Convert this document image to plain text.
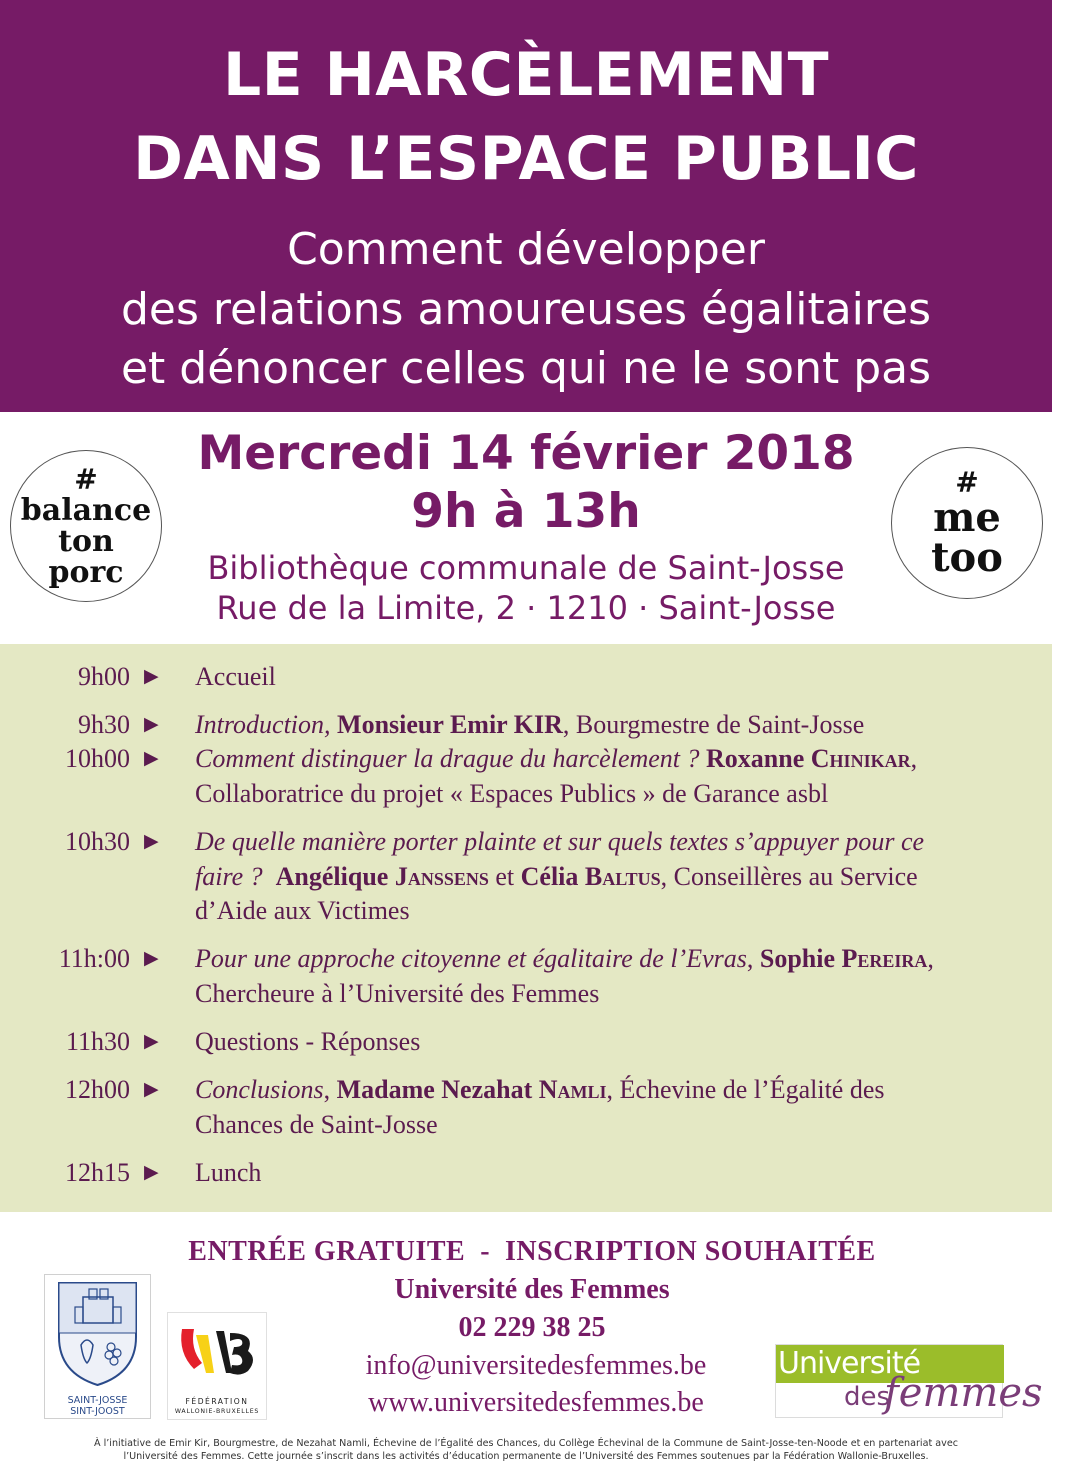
LE HARCÈLEMENT
DANS L’ESPACE PUBLIC
Comment développer
des relations amoureuses égalitaires
et dénoncer celles qui ne le sont pas
Mercredi 14 février 2018
9h à 13h
Bibliothèque communale de Saint-Josse
Rue de la Limite, 2 · 1210 · Saint-Josse
#
balance
ton
porc
#
me
too
9h00 ▶ Accueil
9h30 ▶ Introduction, Monsieur Emir KIR, Bourgmestre de Saint-Josse
10h00 ▶ Comment distinguer la drague du harcèlement ? Roxanne Chinikar,
Collaboratrice du projet « Espaces Publics » de Garance asbl
10h30 ▶ De quelle manière porter plainte et sur quels textes s’appuyer pour ce
faire ? Angélique Janssens et Célia Baltus, Conseillères au Service
d’Aide aux Victimes
11h:00 ▶ Pour une approche citoyenne et égalitaire de l’Evras, Sophie Pereira,
Chercheure à l’Université des Femmes
11h30 ▶ Questions - Réponses
12h00 ▶ Conclusions, Madame Nezahat Namli, Échevine de l’Égalité des
Chances de Saint-Josse
12h15 ▶ Lunch
ENTRÉE GRATUITE  -  INSCRIPTION SOUHAITÉE
Université des Femmes
02 229 38 25
info@universitedesfemmes.be
www.universitedesfemmes.be
SAINT-JOSSE
SINT-JOOST
FÉDÉRATION
WALLONIE-BRUXELLES
Université
des
femmes
À l’initiative de Emir Kir, Bourgmestre, de Nezahat Namli, Échevine de l’Égalité des Chances, du Collège Échevinal de la Commune de Saint-Josse-ten-Noode et en partenariat avec
l’Université des Femmes. Cette journée s’inscrit dans les activités d’éducation permanente de l’Université des Femmes soutenues par la Fédération Wallonie-Bruxelles.
